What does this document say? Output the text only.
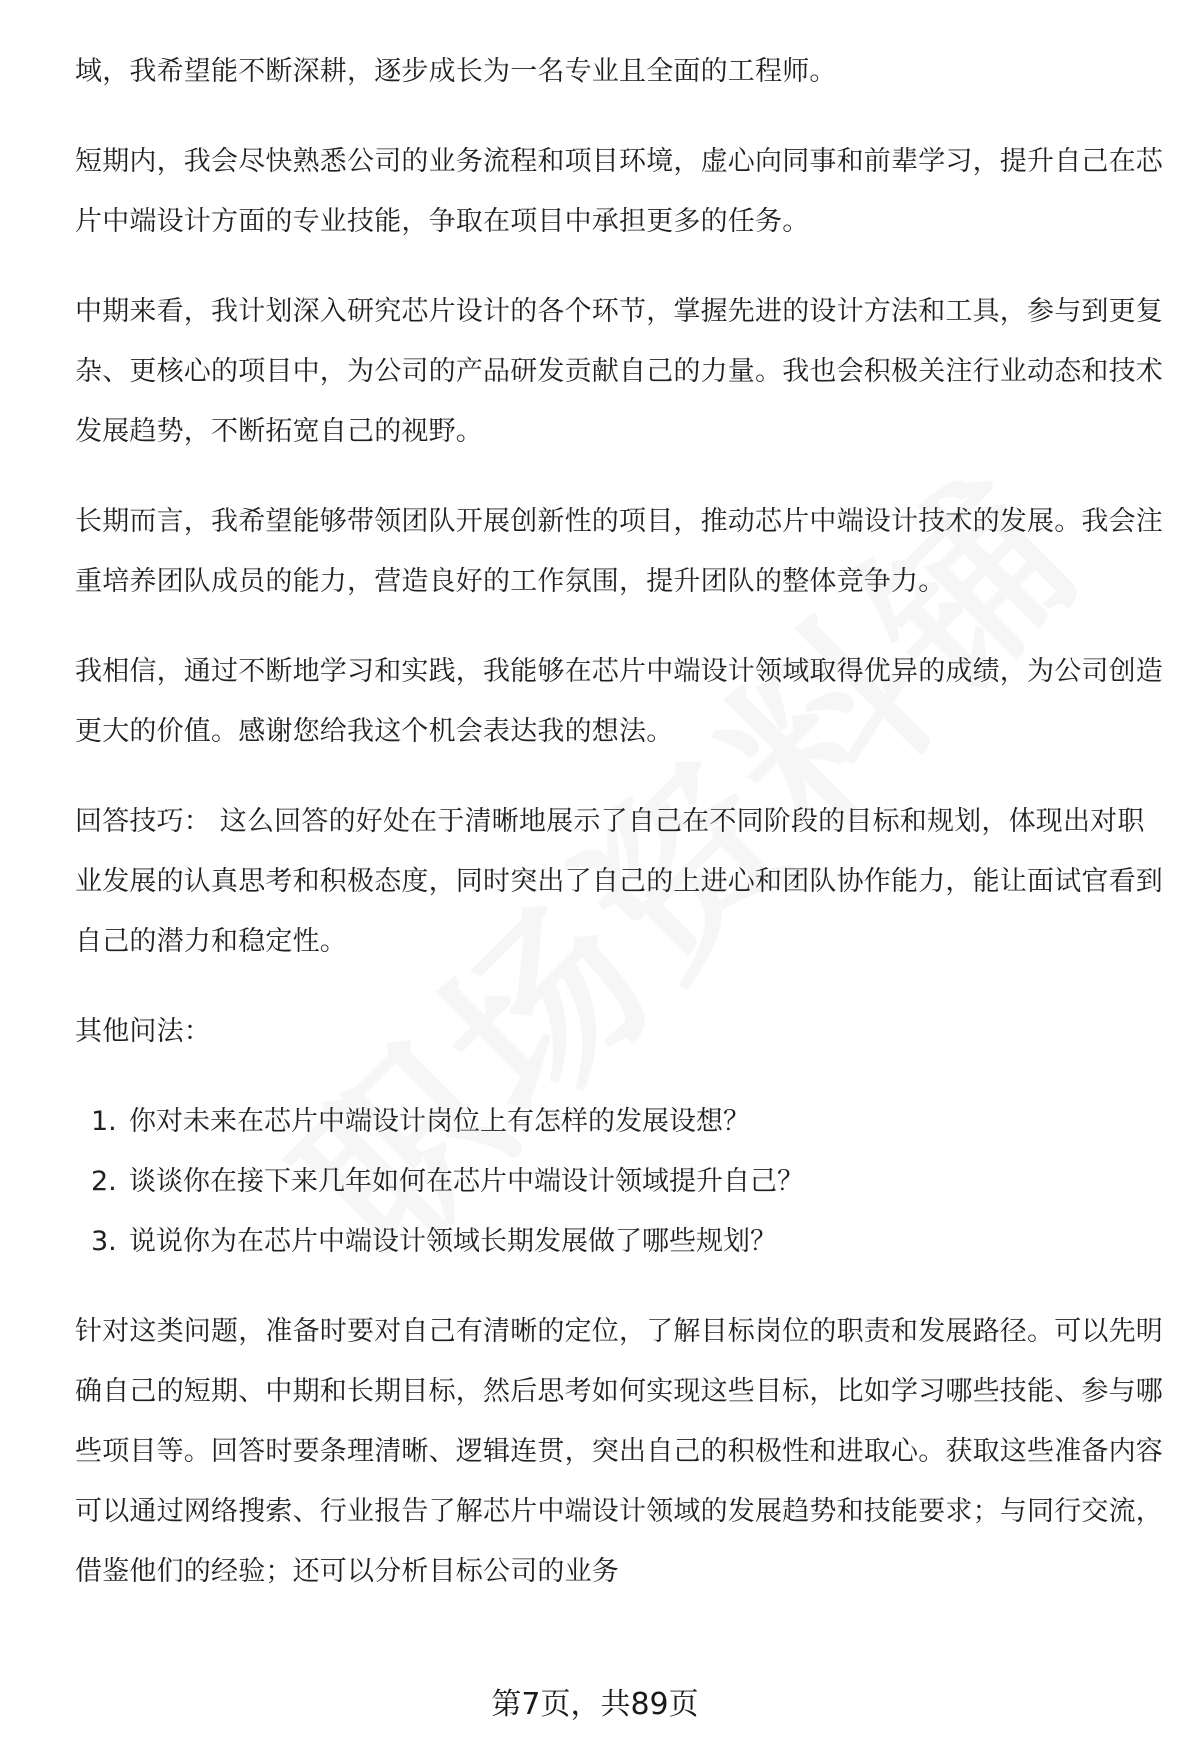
域，我希望能不断深耕，逐步成长为一名专业且全面的工程师。

短期内，我会尽快熟悉公司的业务流程和项目环境，虚心向同事和前辈学习，提升自己在芯片中端设计方面的专业技能，争取在项目中承担更多的任务。

中期来看，我计划深入研究芯片设计的各个环节，掌握先进的设计方法和工具，参与到更复杂、更核心的项目中，为公司的产品研发贡献自己的力量。我也会积极关注行业动态和技术发展趋势，不断拓宽自己的视野。

长期而言，我希望能够带领团队开展创新性的项目，推动芯片中端设计技术的发展。我会注重培养团队成员的能力，营造良好的工作氛围，提升团队的整体竞争力。

我相信，通过不断地学习和实践，我能够在芯片中端设计领域取得优异的成绩，为公司创造更大的价值。感谢您给我这个机会表达我的想法。

回答技巧： 这么回答的好处在于清晰地展示了自己在不同阶段的目标和规划，体现出对职业发展的认真思考和积极态度，同时突出了自己的上进心和团队协作能力，能让面试官看到自己的潜力和稳定性。

其他问法：

1. 你对未来在芯片中端设计岗位上有怎样的发展设想？
2. 谈谈你在接下来几年如何在芯片中端设计领域提升自己？
3. 说说你为在芯片中端设计领域长期发展做了哪些规划？

针对这类问题，准备时要对自己有清晰的定位，了解目标岗位的职责和发展路径。可以先明确自己的短期、中期和长期目标，然后思考如何实现这些目标，比如学习哪些技能、参与哪些项目等。回答时要条理清晰、逻辑连贯，突出自己的积极性和进取心。获取这些准备内容可以通过网络搜索、行业报告了解芯片中端设计领域的发展趋势和技能要求；与同行交流，借鉴他们的经验；还可以分析目标公司的业务

第7页，共89页
